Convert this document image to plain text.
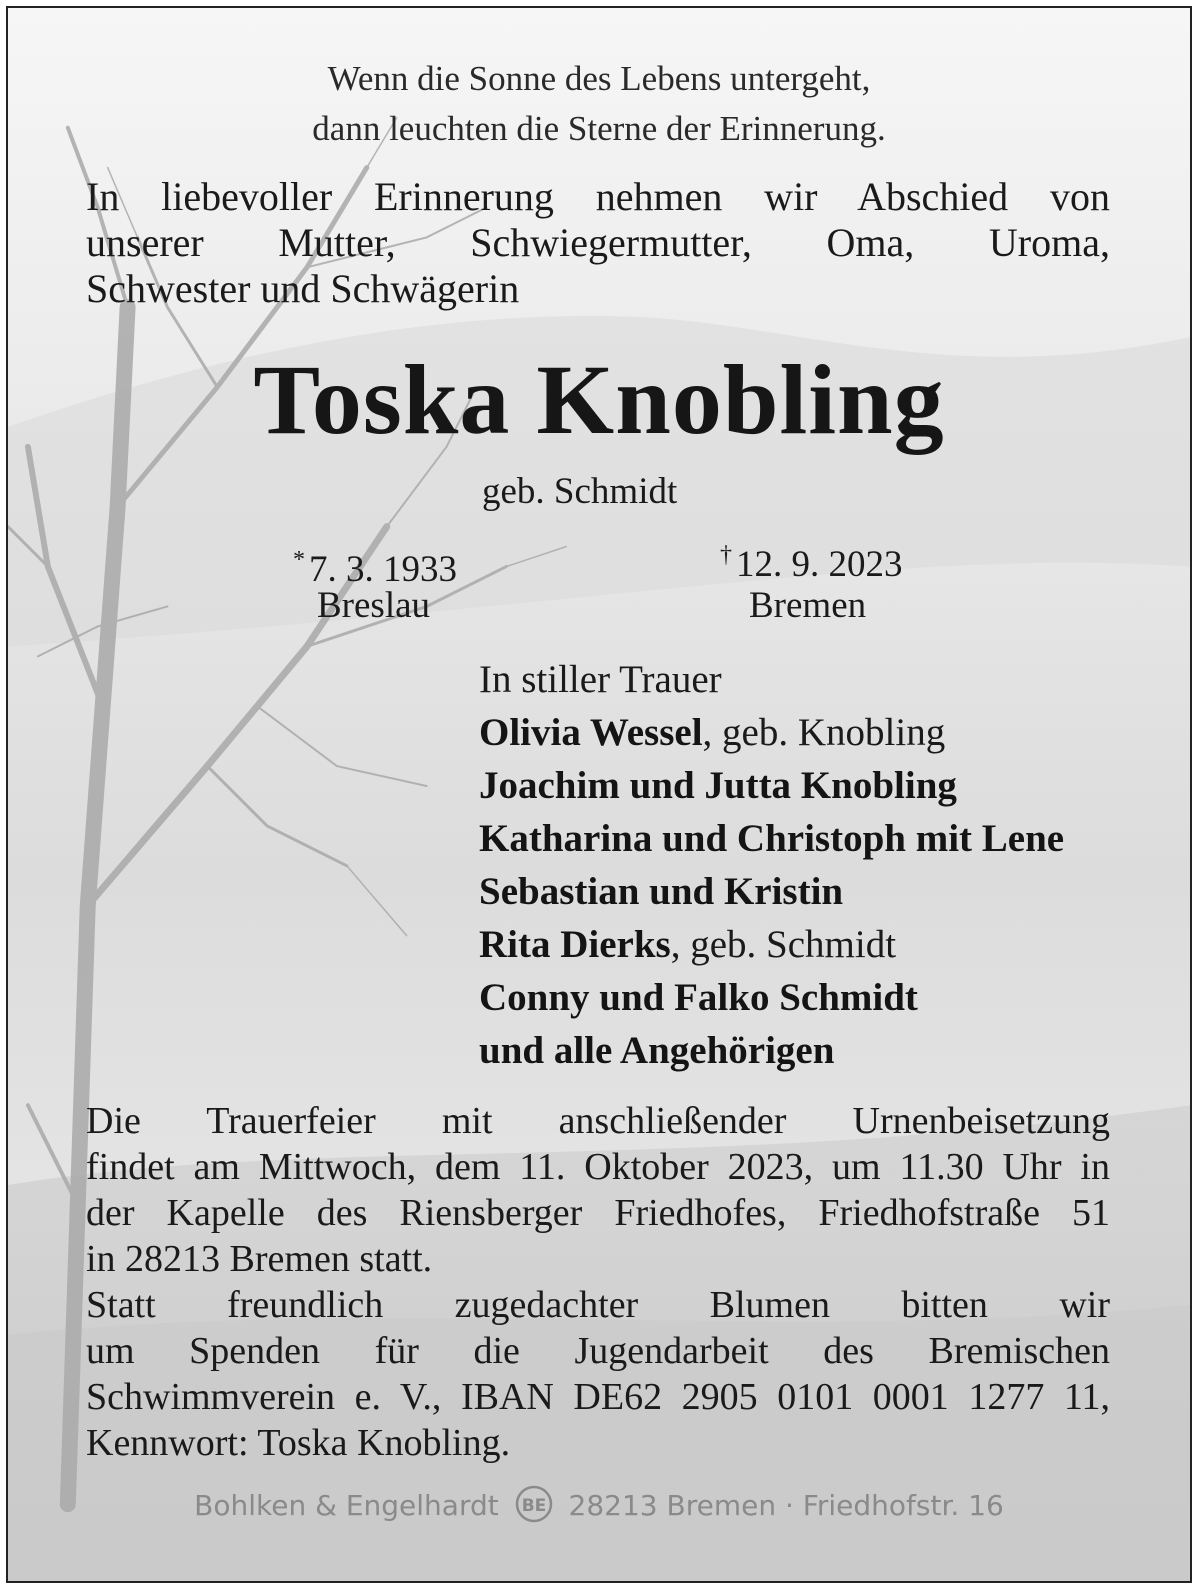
Wenn die Sonne des Lebens untergeht,
dann leuchten die Sterne der Erinnerung.
In liebevoller Erinnerung nehmen wir Abschied von
unserer Mutter, Schwiegermutter, Oma, Uroma,
Schwester und Schwägerin
Toska Knobling
geb. Schmidt
* 7. 3. 1933	† 12. 9. 2023
Breslau	Bremen
In stiller Trauer
Olivia Wessel, geb. Knobling
Joachim und Jutta Knobling
Katharina und Christoph mit Lene
Sebastian und Kristin
Rita Dierks, geb. Schmidt
Conny und Falko Schmidt
und alle Angehörigen

Die Trauerfeier mit anschließender Urnenbeisetzung

findet am Mittwoch, dem 11. Oktober 2023, um 11.30 Uhr in

der Kapelle des Riensberger Friedhofes, Friedhofstraße 51

in 28213 Bremen statt.

Statt freundlich zugedachter Blumen bitten wir

um Spenden für die Jugendarbeit des Bremischen

Schwimmverein e. V., IBAN DE62 2905 0101 0001 1277 11,

Kennwort: Toska Knobling.

Bohlken & Engelhardt BE 28213 Bremen · Friedhofstr. 16
